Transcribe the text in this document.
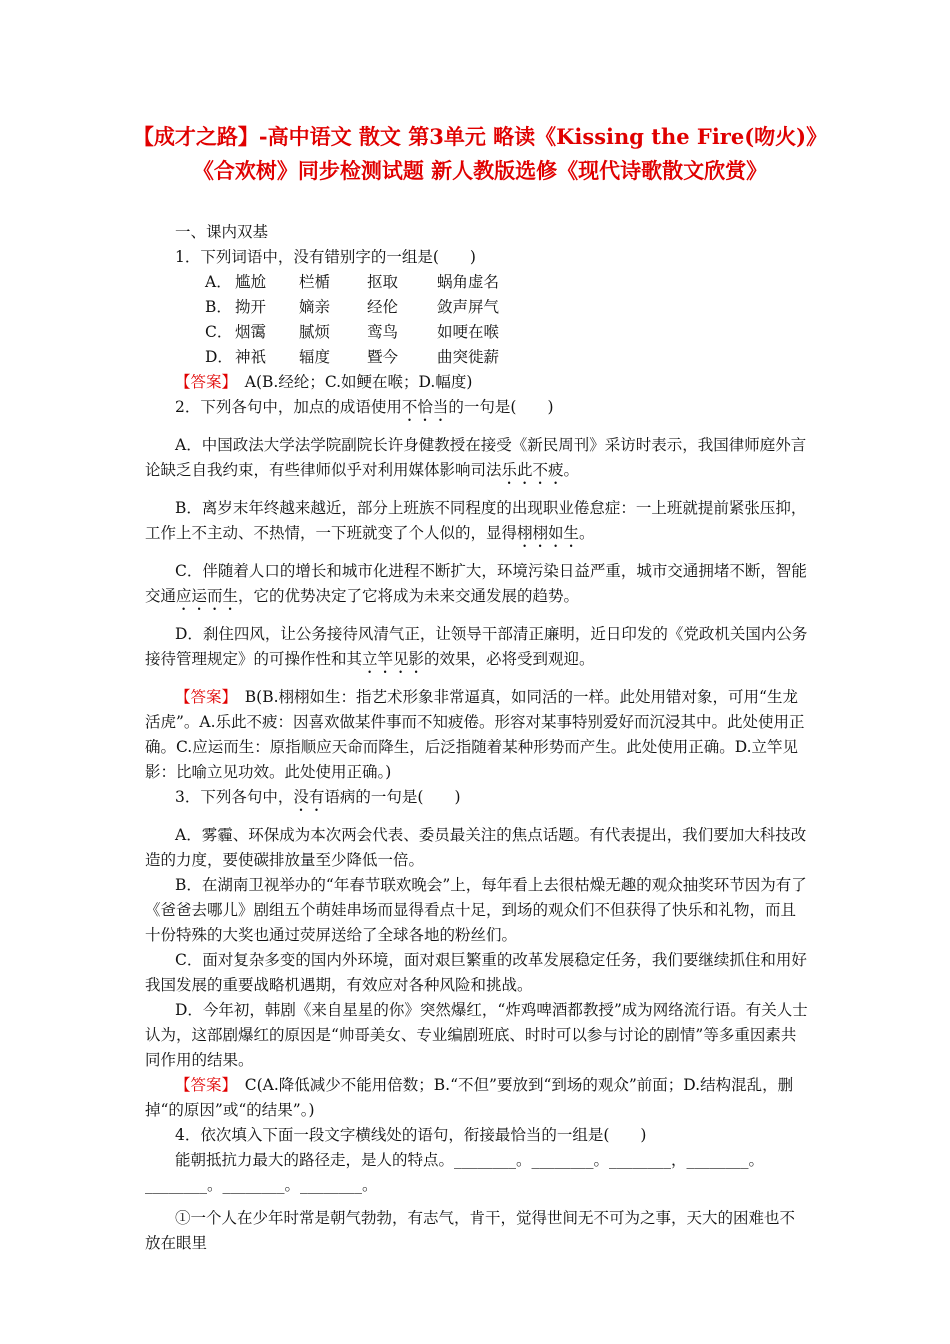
【成才之路】-高中语文 散文 第3单元 略读《Kissing the Fire(吻火)》《合欢树》同步检测试题 新人教版选修《现代诗歌散文欣赏》

一、课内双基

1．下列词语中，没有错别字的一组是(　　)

A． 尴尬 栏楯 抠取	蜗角虚名

B． 拗开 嫡亲 经伦	敛声屏气

C． 烟霭 腻烦 鸾鸟	如哽在喉

D． 神祇 辐度 暨今	曲突徙薪

【答案】　A(B.经纶；C.如鲠在喉；D.幅度)

2．下列各句中，加点的成语使用不恰当的一句是(　　)

A．中国政法大学法学院副院长许身健教授在接受《新民周刊》采访时表示，我国律师庭外言论缺乏自我约束，有些律师似乎对利用媒体影响司法乐此不疲。

B．离岁末年终越来越近，部分上班族不同程度的出现职业倦怠症：一上班就提前紧张压抑，工作上不主动、不热情，一下班就变了个人似的，显得栩栩如生。

C．伴随着人口的增长和城市化进程不断扩大，环境污染日益严重，城市交通拥堵不断，智能交通应运而生，它的优势决定了它将成为未来交通发展的趋势。

D．刹住四风，让公务接待风清气正，让领导干部清正廉明，近日印发的《党政机关国内公务接待管理规定》的可操作性和其立竿见影的效果，必将受到观迎。

【答案】　B(B.栩栩如生：指艺术形象非常逼真，如同活的一样。此处用错对象，可用“生龙活虎”。A.乐此不疲：因喜欢做某件事而不知疲倦。形容对某事特别爱好而沉浸其中。此处使用正确。C.应运而生：原指顺应天命而降生，后泛指随着某种形势而产生。此处使用正确。D.立竿见影：比喻立见功效。此处使用正确。)

3．下列各句中，没有语病的一句是(　　)

A．雾霾、环保成为本次两会代表、委员最关注的焦点话题。有代表提出，我们要加大科技改造的力度，要使碳排放量至少降低一倍。

B．在湖南卫视举办的“年春节联欢晚会”上，每年看上去很枯燥无趣的观众抽奖环节因为有了《爸爸去哪儿》剧组五个萌娃串场而显得看点十足，到场的观众们不但获得了快乐和礼物，而且十份特殊的大奖也通过荧屏送给了全球各地的粉丝们。

C．面对复杂多变的国内外环境，面对艰巨繁重的改革发展稳定任务，我们要继续抓住和用好我国发展的重要战略机遇期，有效应对各种风险和挑战。

D．今年初，韩剧《来自星星的你》突然爆红，“炸鸡啤酒都教授”成为网络流行语。有关人士认为，这部剧爆红的原因是“帅哥美女、专业编剧班底、时时可以参与讨论的剧情”等多重因素共同作用的结果。

【答案】　C(A.降低减少不能用倍数；B.“不但”要放到“到场的观众”前面；D.结构混乱，删掉“的原因”或“的结果”。)

4．依次填入下面一段文字横线处的语句，衔接最恰当的一组是(　　)

能朝抵抗力最大的路径走，是人的特点。________。________。________，________。________。________。________。

①一个人在少年时常是朝气勃勃，有志气，肯干，觉得世间无不可为之事，天大的困难也不放在眼里
